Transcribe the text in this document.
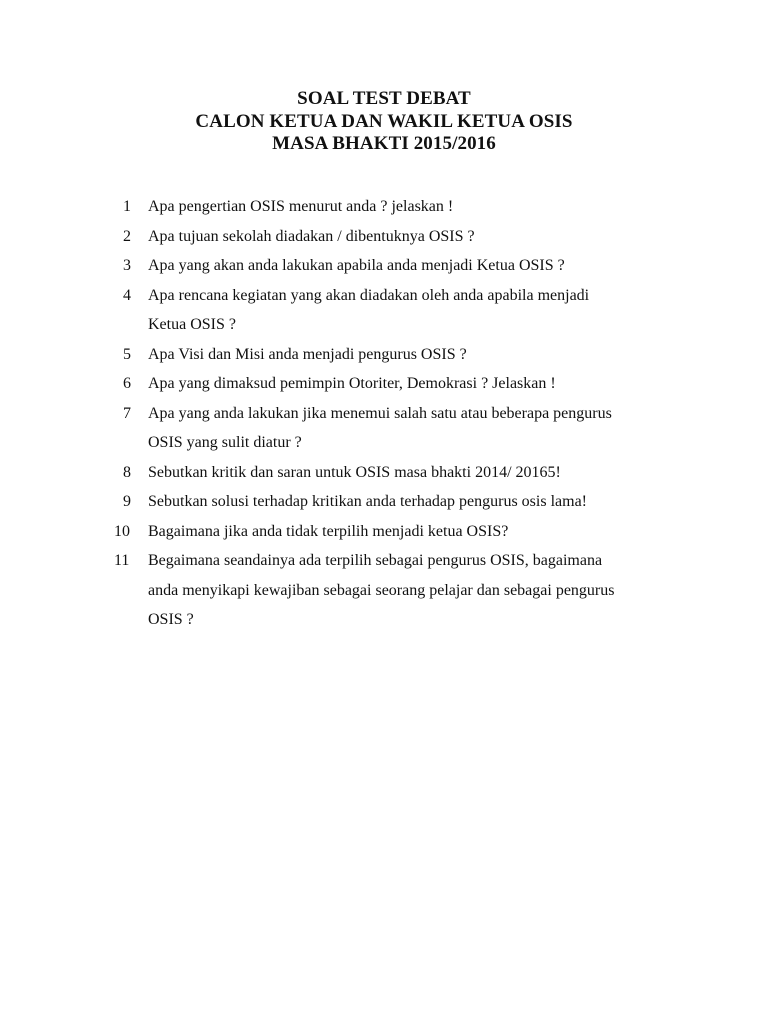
SOAL TEST DEBAT
CALON KETUA DAN WAKIL KETUA OSIS
MASA BHAKTI 2015/2016
1 Apa pengertian OSIS menurut anda ? jelaskan !
2 Apa tujuan sekolah diadakan / dibentuknya OSIS ?
3 Apa yang akan anda lakukan apabila anda menjadi Ketua OSIS ?
4 Apa rencana kegiatan yang akan diadakan oleh anda apabila menjadi
Ketua OSIS ?
5 Apa Visi dan Misi anda menjadi pengurus OSIS ?
6 Apa yang dimaksud pemimpin Otoriter, Demokrasi ? Jelaskan !
7 Apa yang anda lakukan jika menemui salah satu atau beberapa pengurus
OSIS yang sulit diatur ?
8 Sebutkan kritik dan saran untuk OSIS masa bhakti 2014/ 20165!
9 Sebutkan solusi terhadap kritikan anda terhadap pengurus osis lama!
10 Bagaimana jika anda tidak terpilih menjadi ketua OSIS?
11 Begaimana seandainya ada terpilih sebagai pengurus OSIS, bagaimana
anda menyikapi kewajiban sebagai seorang pelajar dan sebagai pengurus
OSIS ?
